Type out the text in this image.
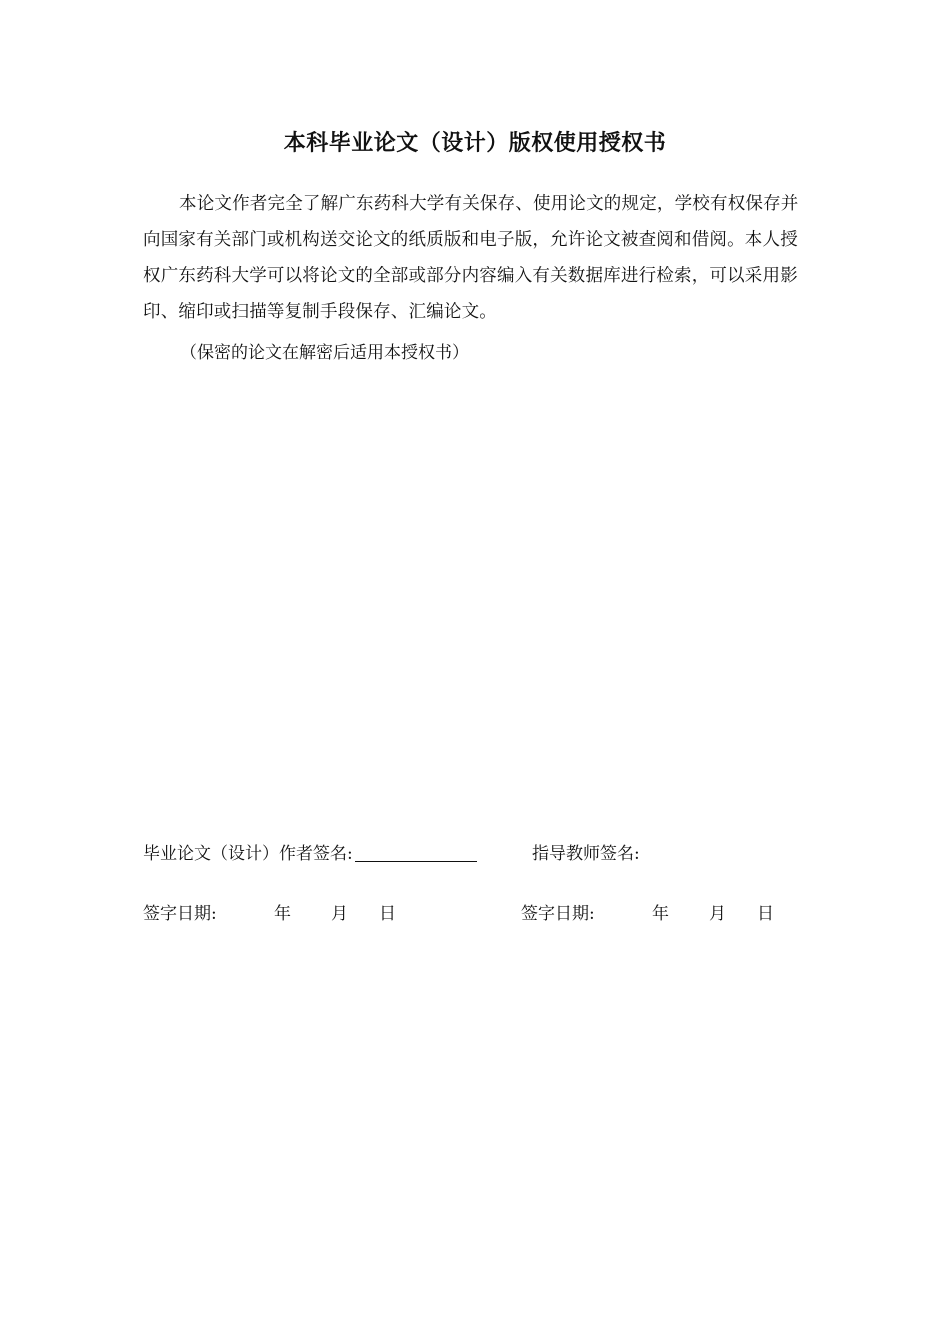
本科毕业论文（设计）版权使用授权书

本论文作者完全了解广东药科大学有关保存、使用论文的规定，学校有权保存并向国家有关部门或机构送交论文的纸质版和电子版，允许论文被查阅和借阅。本人授权广东药科大学可以将论文的全部或部分内容编入有关数据库进行检索，可以采用影印、缩印或扫描等复制手段保存、汇编论文。

（保密的论文在解密后适用本授权书）
毕业论文（设计）作者签名:	指导教师签名:
签字日期:	年 月 日	签字日期:	年 月 日
